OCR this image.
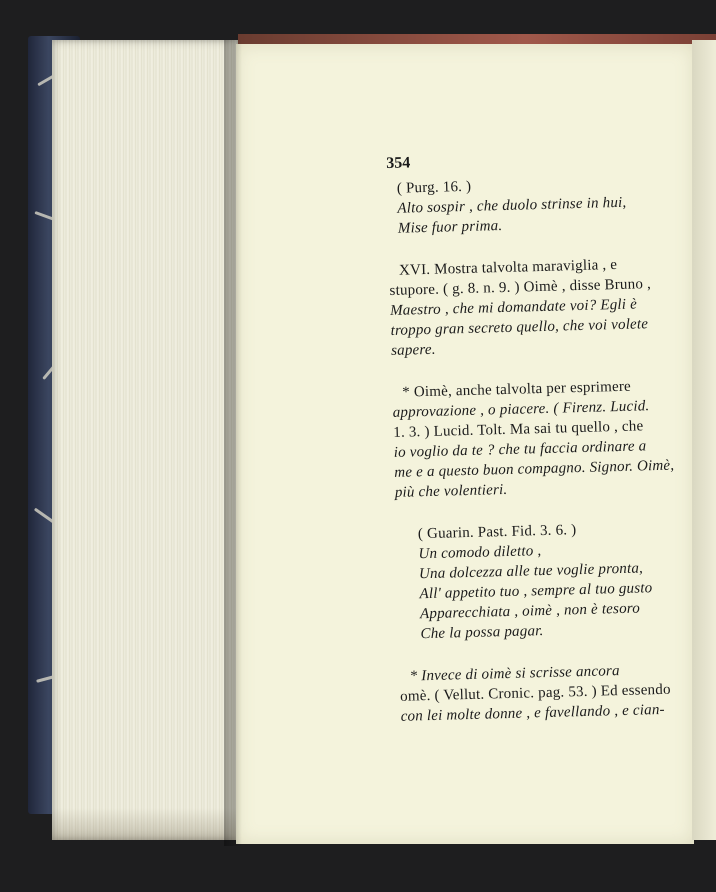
354
( Purg. 16. )
Alto sospir , che duolo strinse in hui,
Mise fuor prima.
XVI. Mostra talvolta maraviglia , e
stupore. ( g. 8. n. 9. ) Oimè , disse Bruno ,
Maestro , che mi domandate voi? Egli è
troppo gran secreto quello, che voi volete
sapere.
* Oimè, anche talvolta per esprimere
approvazione , o piacere. ( Firenz. Lucid.
1. 3. ) Lucid. Tolt. Ma sai tu quello , che
io voglio da te ? che tu faccia ordinare a
me e a questo buon compagno. Signor. Oimè,
più che volentieri.
( Guarin. Past. Fid. 3. 6. )
Un comodo diletto ,
Una dolcezza alle tue voglie pronta,
All' appetito tuo , sempre al tuo gusto
Apparecchiata , oimè , non è tesoro
Che la possa pagar.
* Invece di oimè si scrisse ancora
omè. ( Vellut. Cronic. pag. 53. ) Ed essendo
con lei molte donne , e favellando , e cian-
